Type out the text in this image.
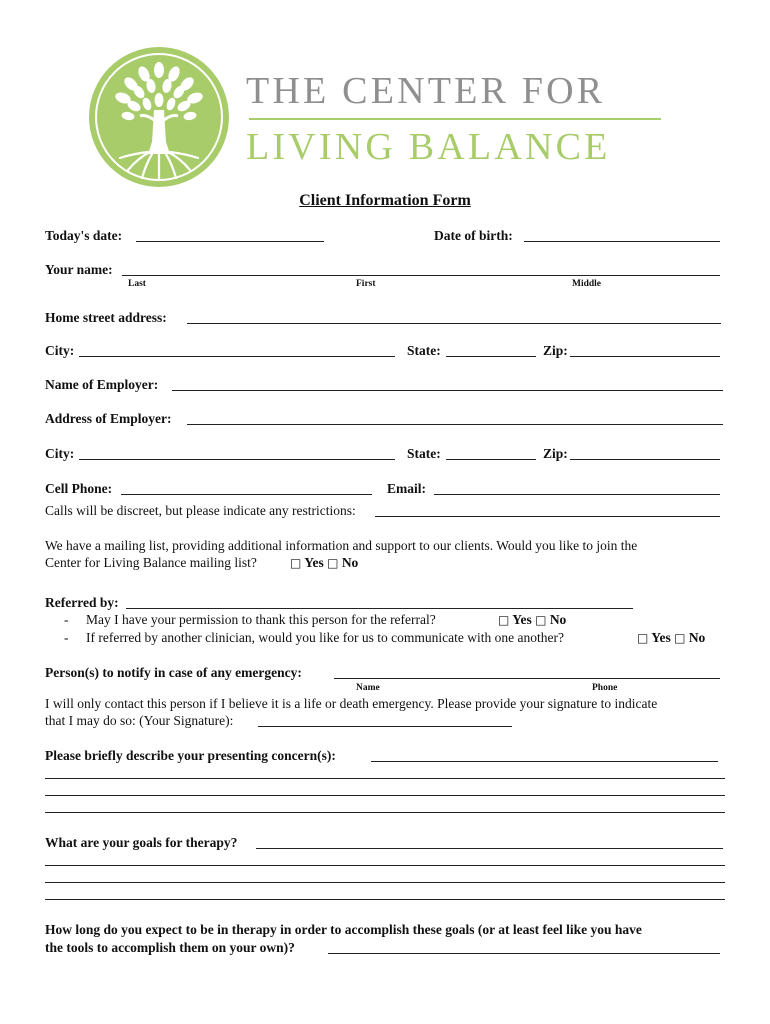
THE CENTER FOR
LIVING BALANCE
Client Information Form
Today's date:	Date of birth:
Your name:
Last	First	Middle
Home street address:
City:	State:	Zip:
Name of Employer:
Address of Employer:
City:	State:	Zip:
Cell Phone:	Email:
Calls will be discreet, but please indicate any restrictions:
We have a mailing list, providing additional information and support to our clients. Would you like to join the
Center for Living Balance mailing list?	□ Yes □ No
Referred by:
- May I have your permission to thank this person for the referral?	□ Yes □ No
- If referred by another clinician, would you like for us to communicate with one another?	□ Yes □ No
Person(s) to notify in case of any emergency:
Name	Phone
I will only contact this person if I believe it is a life or death emergency. Please provide your signature to indicate
that I may do so: (Your Signature):
Please briefly describe your presenting concern(s):
What are your goals for therapy?
How long do you expect to be in therapy in order to accomplish these goals (or at least feel like you have
the tools to accomplish them on your own)?
